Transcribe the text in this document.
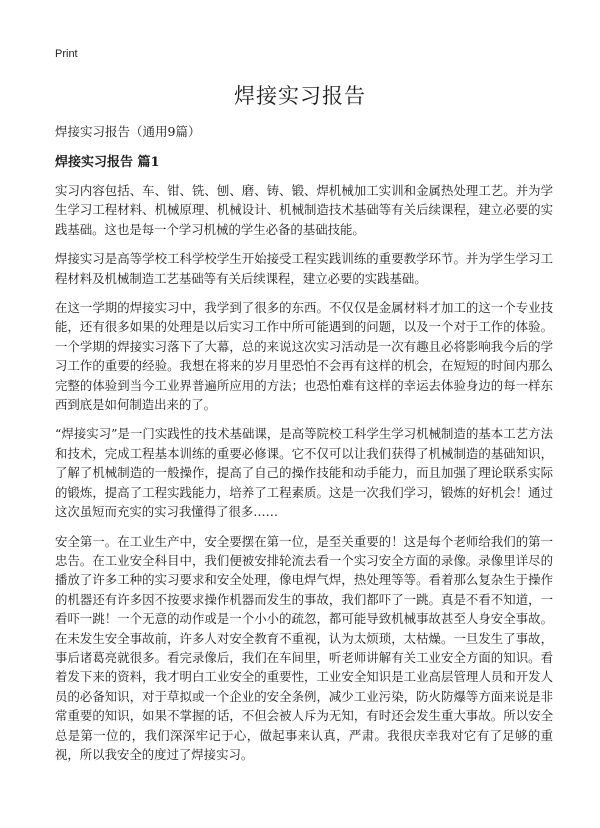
Print
焊接实习报告
焊接实习报告（通用9篇）
焊接实习报告 篇1

实习内容包括、车、钳、铣、刨、磨、铸、锻、焊机械加工实训和金属热处理工艺。并为学生学习工程材料、机械原理、机械设计、机械制造技术基础等有关后续课程，建立必要的实践基础。这也是每一个学习机械的学生必备的基础技能。

焊接实习是高等学校工科学校学生开始接受工程实践训练的重要教学环节。并为学生学习工程材料及机械制造工艺基础等有关后续课程，建立必要的实践基础。

在这一学期的焊接实习中，我学到了很多的东西。不仅仅是金属材料才加工的这一个专业技能，还有很多如果的处理是以后实习工作中所可能遇到的问题，以及一个对于工作的体验。一个学期的焊接实习落下了大幕，总的来说这次实习活动是一次有趣且必将影响我今后的学习工作的重要的经验。我想在将来的岁月里恐怕不会再有这样的机会，在短短的时间内那么完整的体验到当今工业界普遍所应用的方法；也恐怕难有这样的幸运去体验身边的每一样东西到底是如何制造出来的了。

“焊接实习”是一门实践性的技术基础课，是高等院校工科学生学习机械制造的基本工艺方法和技术，完成工程基本训练的重要必修课。它不仅可以让我们获得了机械制造的基础知识，了解了机械制造的一般操作，提高了自己的操作技能和动手能力，而且加强了理论联系实际的锻炼，提高了工程实践能力，培养了工程素质。这是一次我们学习，锻炼的好机会！通过这次虽短而充实的实习我懂得了很多……

安全第一。在工业生产中，安全要摆在第一位，是至关重要的！这是每个老师给我们的第一忠告。在工业安全科目中，我们便被安排轮流去看一个实习安全方面的录像。录像里详尽的播放了许多工种的实习要求和安全处理，像电焊气焊，热处理等等。看着那么复杂生于操作的机器还有许多因不按要求操作机器而发生的事故，我们都吓了一跳。真是不看不知道，一看吓一跳！一个无意的动作或是一个小小的疏忽，都可能导致机械事故甚至人身安全事故。在未发生安全事故前，许多人对安全教育不重视，认为太烦琐，太枯燥。一旦发生了事故，事后诸葛亮就很多。看完录像后，我们在车间里，听老师讲解有关工业安全方面的知识。看着发下来的资料，我才明白工业安全的重要性，工业安全知识是工业高层管理人员和开发人员的必备知识，对于草拟或一个企业的安全条例，减少工业污染，防火防爆等方面来说是非常重要的知识，如果不掌握的话，不但会被人斥为无知，有时还会发生重大事故。所以安全总是第一位的，我们深深牢记于心，做起事来认真，严肃。我很庆幸我对它有了足够的重视，所以我安全的度过了焊接实习。
